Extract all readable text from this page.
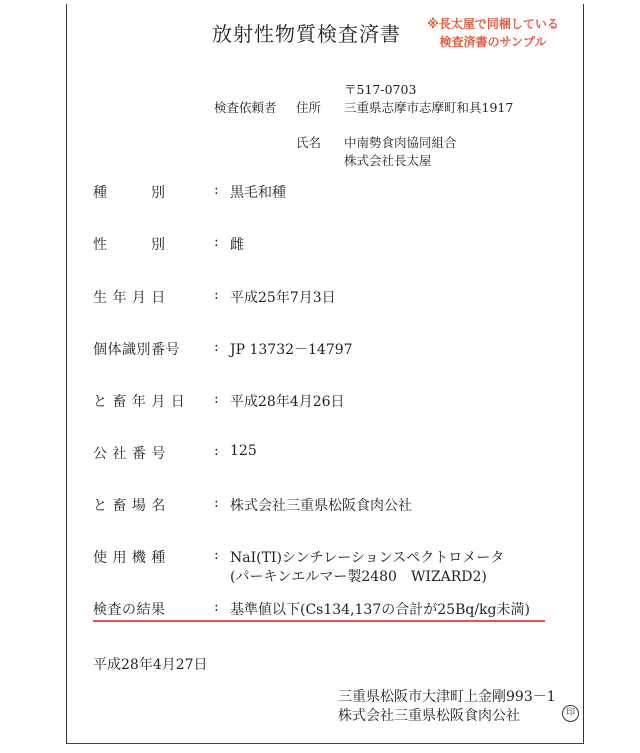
放射性物質検査済書	※長太屋で同梱している
検査済書のサンプル
〒517-0703
検査依頼者 住所 三重県志摩市志摩町和具1917
氏名 中南勢食肉協同組合
株式会社長太屋
種　　　別	: 黒毛和種
性　　　別	: 雌
生 年 月 日	: 平成25年7月3日
個体識別番号 : JP 13732－14797
と 畜 年 月 日 : 平成28年4月26日
公 社 番 号	: 125
と 畜 場 名	: 株式会社三重県松阪食肉公社
使 用 機 種	: NaI(TI)シンチレーションスペクトロメータ
(パーキンエルマー製2480　WIZARD2)
検査の結果	: 基準値以下(Cs134,137の合計が25Bq/kg未満)
平成28年4月27日
三重県松阪市大津町上金剛993－1
株式会社三重県松阪食肉公社	印
